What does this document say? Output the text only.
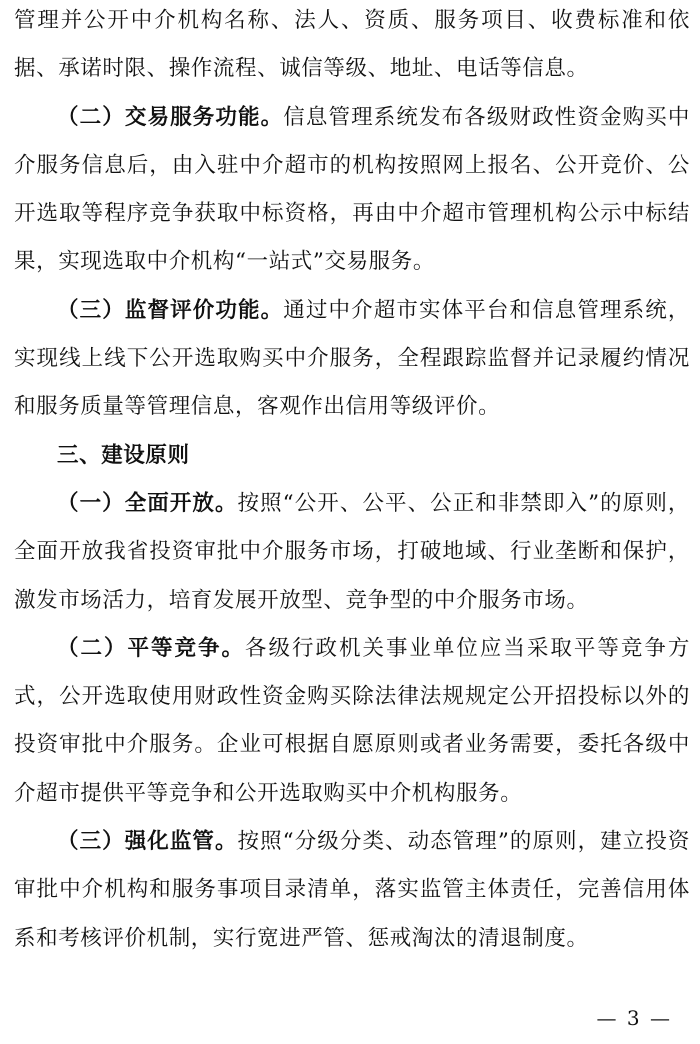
管理并公开中介机构名称、法人、资质、服务项目、收费标准和依据、承诺时限、操作流程、诚信等级、地址、电话等信息。

（二）交易服务功能。信息管理系统发布各级财政性资金购买中介服务信息后，由入驻中介超市的机构按照网上报名、公开竞价、公开选取等程序竞争获取中标资格，再由中介超市管理机构公示中标结果，实现选取中介机构“一站式”交易服务。

（三）监督评价功能。通过中介超市实体平台和信息管理系统，实现线上线下公开选取购买中介服务，全程跟踪监督并记录履约情况和服务质量等管理信息，客观作出信用等级评价。

三、建设原则

（一）全面开放。按照“公开、公平、公正和非禁即入”的原则，全面开放我省投资审批中介服务市场，打破地域、行业垄断和保护，激发市场活力，培育发展开放型、竞争型的中介服务市场。

（二）平等竞争。各级行政机关事业单位应当采取平等竞争方式，公开选取使用财政性资金购买除法律法规规定公开招投标以外的投资审批中介服务。企业可根据自愿原则或者业务需要，委托各级中介超市提供平等竞争和公开选取购买中介机构服务。

（三）强化监管。按照“分级分类、动态管理”的原则，建立投资审批中介机构和服务事项目录清单，落实监管主体责任，完善信用体系和考核评价机制，实行宽进严管、惩戒淘汰的清退制度。

— 3 —
